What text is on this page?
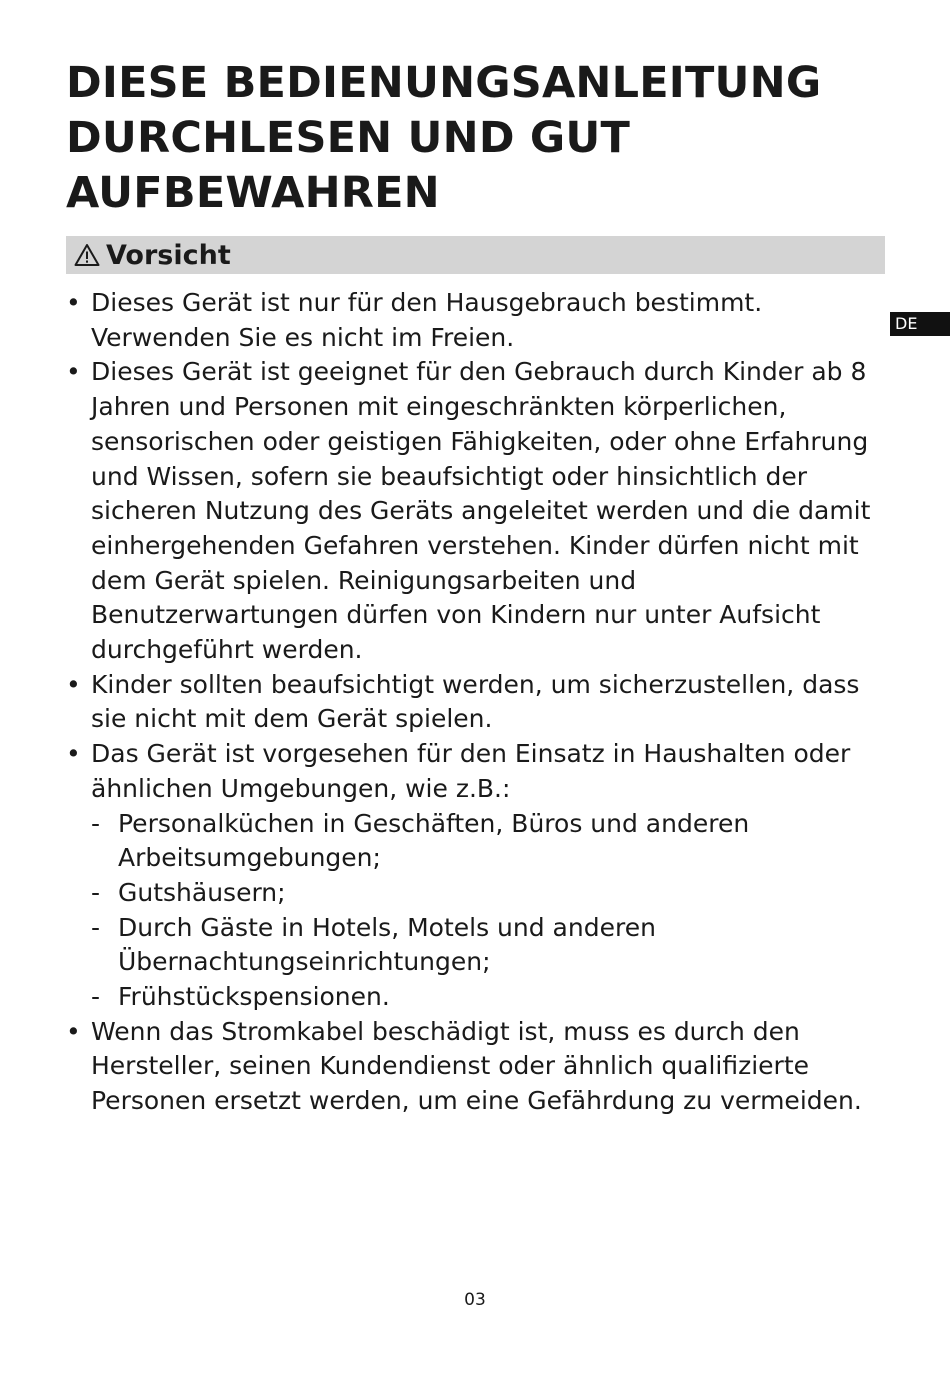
DIESE BEDIENUNGSANLEITUNG DURCHLESEN UND GUT AUFBEWAHREN
Vorsicht
DE
• Dieses Gerät ist nur für den Hausgebrauch bestimmt. Verwenden Sie es nicht im Freien.
• Dieses Gerät ist geeignet für den Gebrauch durch Kinder ab 8 Jahren und Personen mit eingeschränkten körperlichen, sensorischen oder geistigen Fähigkeiten, oder ohne Erfahrung und Wissen, sofern sie beaufsichtigt oder hinsichtlich der sicheren Nutzung des Geräts angeleitet werden und die damit einhergehenden Gefahren verstehen. Kinder dürfen nicht mit dem Gerät spielen. Reinigungsarbeiten und Benutzerwartungen dürfen von Kindern nur unter Aufsicht durchgeführt werden.
• Kinder sollten beaufsichtigt werden, um sicherzustellen, dass sie nicht mit dem Gerät spielen.
• Das Gerät ist vorgesehen für den Einsatz in Haushalten oder ähnlichen Umgebungen, wie z.B.:
- Personalküchen in Geschäften, Büros und anderen Arbeitsumgebungen;
- Gutshäusern;
- Durch Gäste in Hotels, Motels und anderen Übernachtungseinrichtungen;
- Frühstückspensionen.
• Wenn das Stromkabel beschädigt ist, muss es durch den Hersteller, seinen Kundendienst oder ähnlich qualifizierte Personen ersetzt werden, um eine Gefährdung zu vermeiden.
03
